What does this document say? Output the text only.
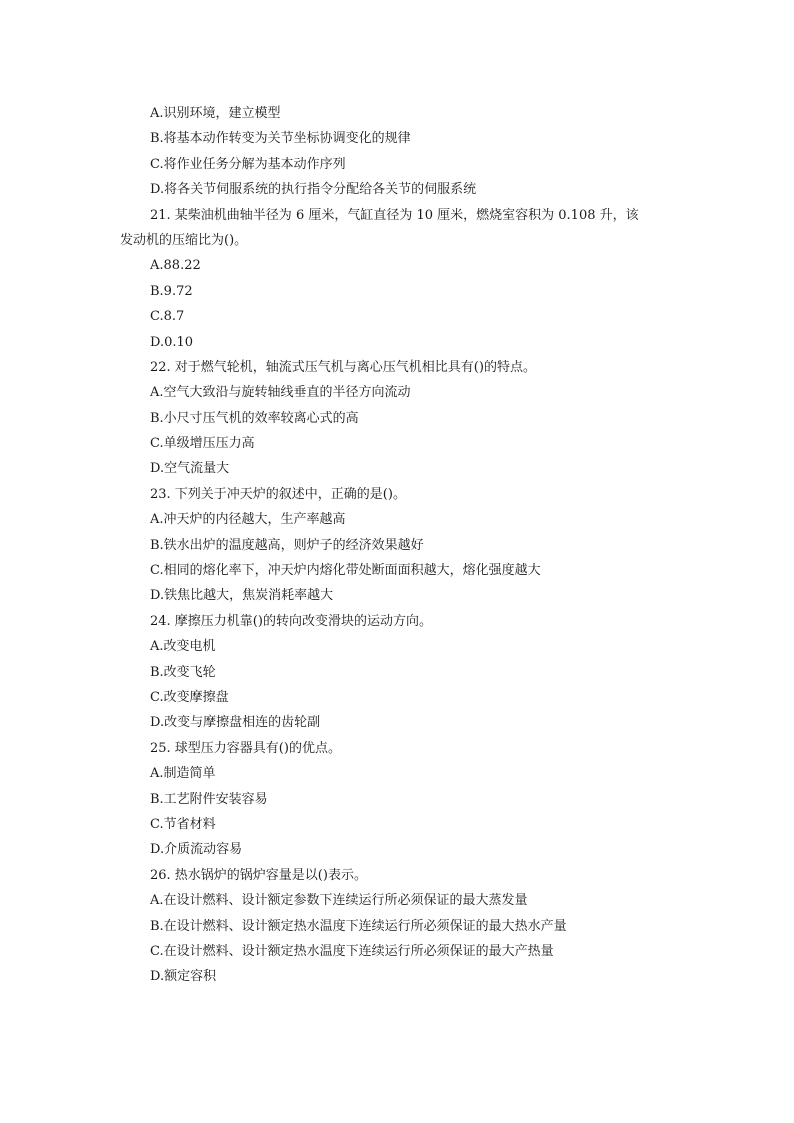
A.识别环境，建立模型
B.将基本动作转变为关节坐标协调变化的规律
C.将作业任务分解为基本动作序列
D.将各关节伺服系统的执行指令分配给各关节的伺服系统
21. 某柴油机曲轴半径为 6 厘米，气缸直径为 10 厘米，燃烧室容积为 0.108 升，该
发动机的压缩比为()。
A.88.22
B.9.72
C.8.7
D.0.10
22. 对于燃气轮机，轴流式压气机与离心压气机相比具有()的特点。
A.空气大致沿与旋转轴线垂直的半径方向流动
B.小尺寸压气机的效率较离心式的高
C.单级增压压力高
D.空气流量大
23. 下列关于冲天炉的叙述中，正确的是()。
A.冲天炉的内径越大，生产率越高
B.铁水出炉的温度越高，则炉子的经济效果越好
C.相同的熔化率下，冲天炉内熔化带处断面面积越大，熔化强度越大
D.铁焦比越大，焦炭消耗率越大
24. 摩擦压力机靠()的转向改变滑块的运动方向。
A.改变电机
B.改变飞轮
C.改变摩擦盘
D.改变与摩擦盘相连的齿轮副
25. 球型压力容器具有()的优点。
A.制造简单
B.工艺附件安装容易
C.节省材料
D.介质流动容易
26. 热水锅炉的锅炉容量是以()表示。
A.在设计燃料、设计额定参数下连续运行所必须保证的最大蒸发量
B.在设计燃料、设计额定热水温度下连续运行所必须保证的最大热水产量
C.在设计燃料、设计额定热水温度下连续运行所必须保证的最大产热量
D.额定容积
